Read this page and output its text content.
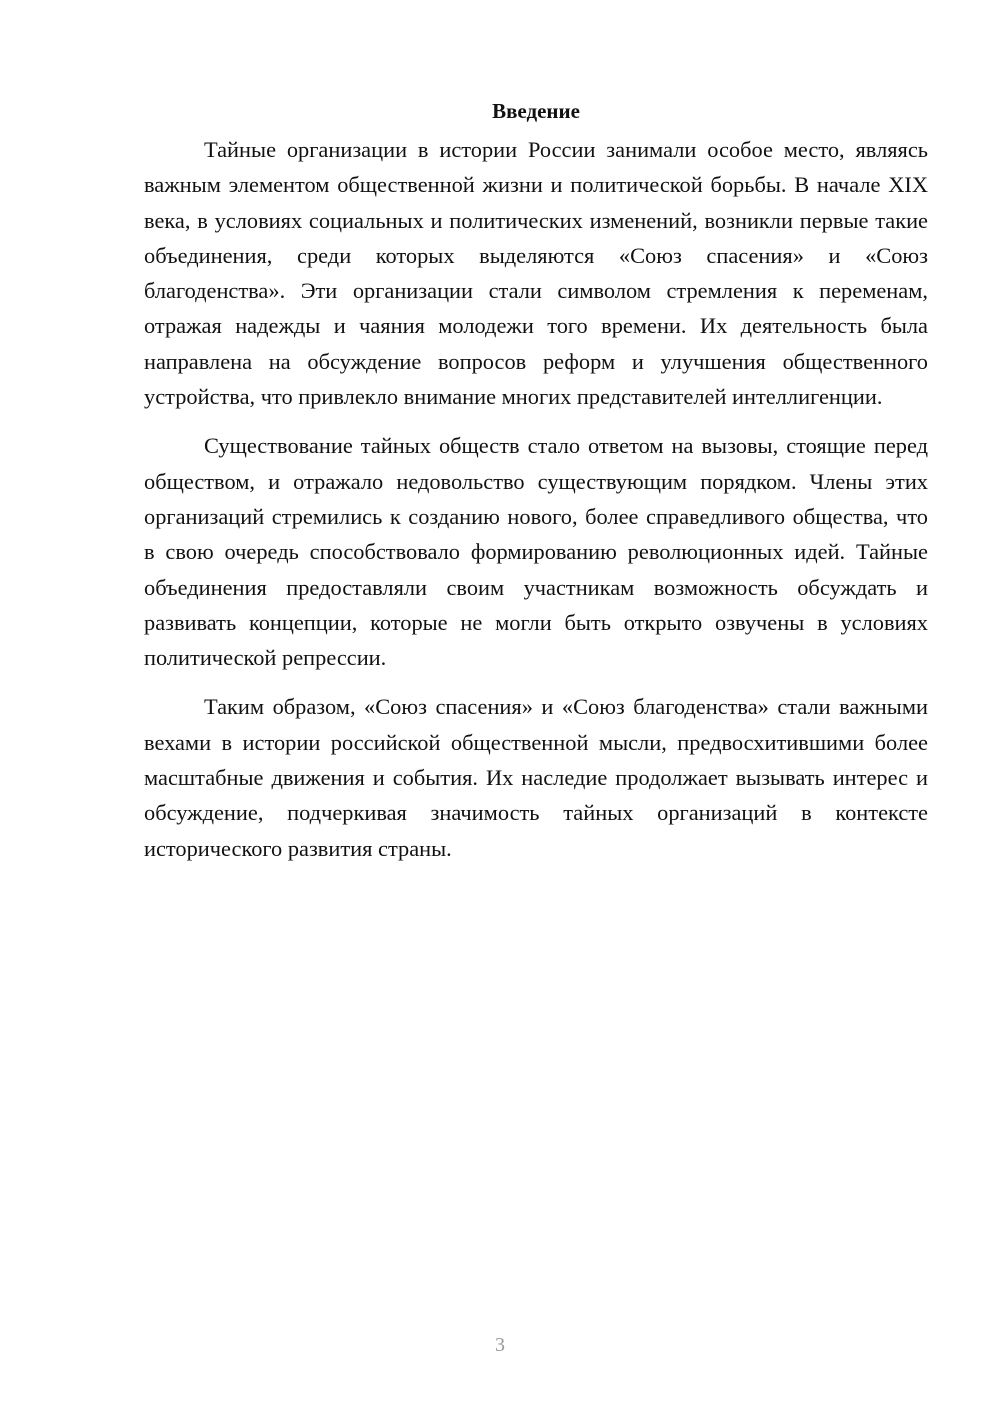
Введение

Тайные организации в истории России занимали особое место, являясь важным элементом общественной жизни и политической борьбы. В начале XIX века, в условиях социальных и политических изменений, возникли первые такие объединения, среди которых выделяются «Союз спасения» и «Союз благоденства». Эти организации стали символом стремления к переменам, отражая надежды и чаяния молодежи того времени. Их деятельность была направлена на обсуждение вопросов реформ и улучшения общественного устройства, что привлекло внимание многих представителей интеллигенции.

Существование тайных обществ стало ответом на вызовы, стоящие перед обществом, и отражало недовольство существующим порядком. Члены этих организаций стремились к созданию нового, более справедливого общества, что в свою очередь способствовало формированию революционных идей. Тайные объединения предоставляли своим участникам возможность обсуждать и развивать концепции, которые не могли быть открыто озвучены в условиях политической репрессии.

Таким образом, «Союз спасения» и «Союз благоденства» стали важными вехами в истории российской общественной мысли, предвосхитившими более масштабные движения и события. Их наследие продолжает вызывать интерес и обсуждение, подчеркивая значимость тайных организаций в контексте исторического развития страны.

3
